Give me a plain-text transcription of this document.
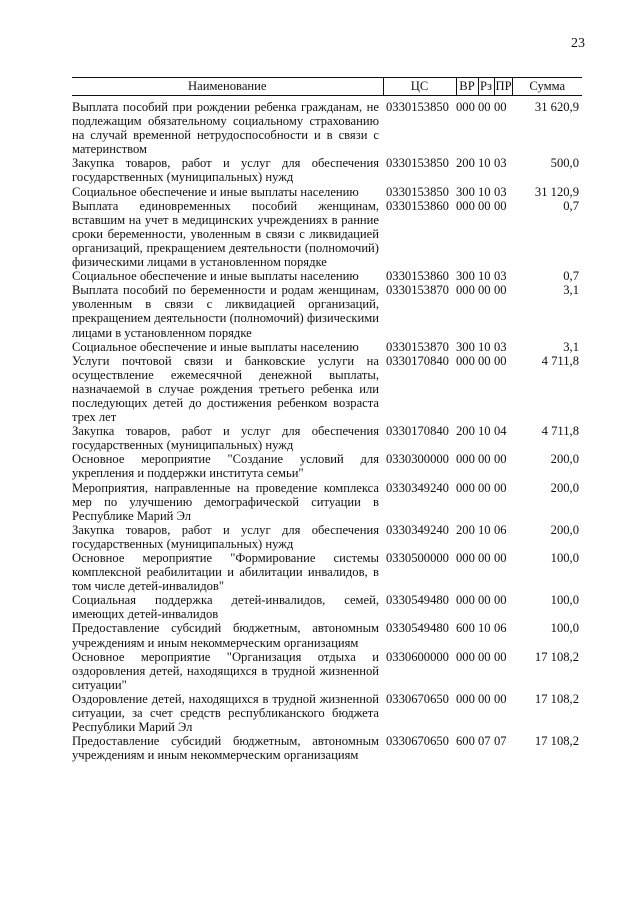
23
Наименование	ЦС	ВР	Рз	ПР	Сумма
Выплата пособий при рождении ребенка гражданам, не подлежащим обязательному социальному страхованию на случай временной нетрудоспособности и в связи с материнством	0330153850	000	00	00	31 620,9
Закупка товаров, работ и услуг для обеспечения государственных (муниципальных) нужд	0330153850	200	10	03	500,0
Социальное обеспечение и иные выплаты населению	0330153850	300	10	03	31 120,9
Выплата единовременных пособий женщинам, вставшим на учет в медицинских учреждениях в ранние сроки беременности, уволенным в связи с ликвидацией организаций, прекращением деятельности (полномочий) физическими лицами в установленном порядке	0330153860	000	00	00	0,7
Социальное обеспечение и иные выплаты населению	0330153860	300	10	03	0,7
Выплата пособий по беременности и родам женщинам, уволенным в связи с ликвидацией организаций, прекращением деятельности (полномочий) физическими лицами в установленном порядке	0330153870	000	00	00	3,1
Социальное обеспечение и иные выплаты населению	0330153870	300	10	03	3,1
Услуги почтовой связи и банковские услуги на осуществление ежемесячной денежной выплаты, назначаемой в случае рождения третьего ребенка или последующих детей до достижения ребенком возраста трех лет	0330170840	000	00	00	4 711,8
Закупка товаров, работ и услуг для обеспечения государственных (муниципальных) нужд	0330170840	200	10	04	4 711,8
Основное мероприятие "Создание условий для укрепления и поддержки института семьи"	0330300000	000	00	00	200,0
Мероприятия, направленные на проведение комплекса мер по улучшению демографической ситуации в Республике Марий Эл	0330349240	000	00	00	200,0
Закупка товаров, работ и услуг для обеспечения государственных (муниципальных) нужд	0330349240	200	10	06	200,0
Основное мероприятие "Формирование системы комплексной реабилитации и абилитации инвалидов, в том числе детей-инвалидов"	0330500000	000	00	00	100,0
Социальная поддержка детей-инвалидов, семей, имеющих детей-инвалидов	0330549480	000	00	00	100,0
Предоставление субсидий бюджетным, автономным учреждениям и иным некоммерческим организациям	0330549480	600	10	06	100,0
Основное мероприятие "Организация отдыха и оздоровления детей, находящихся в трудной жизненной ситуации"	0330600000	000	00	00	17 108,2
Оздоровление детей, находящихся в трудной жизненной ситуации, за счет средств республиканского бюджета Республики Марий Эл	0330670650	000	00	00	17 108,2
Предоставление субсидий бюджетным, автономным учреждениям и иным некоммерческим организациям	0330670650	600	07	07	17 108,2
